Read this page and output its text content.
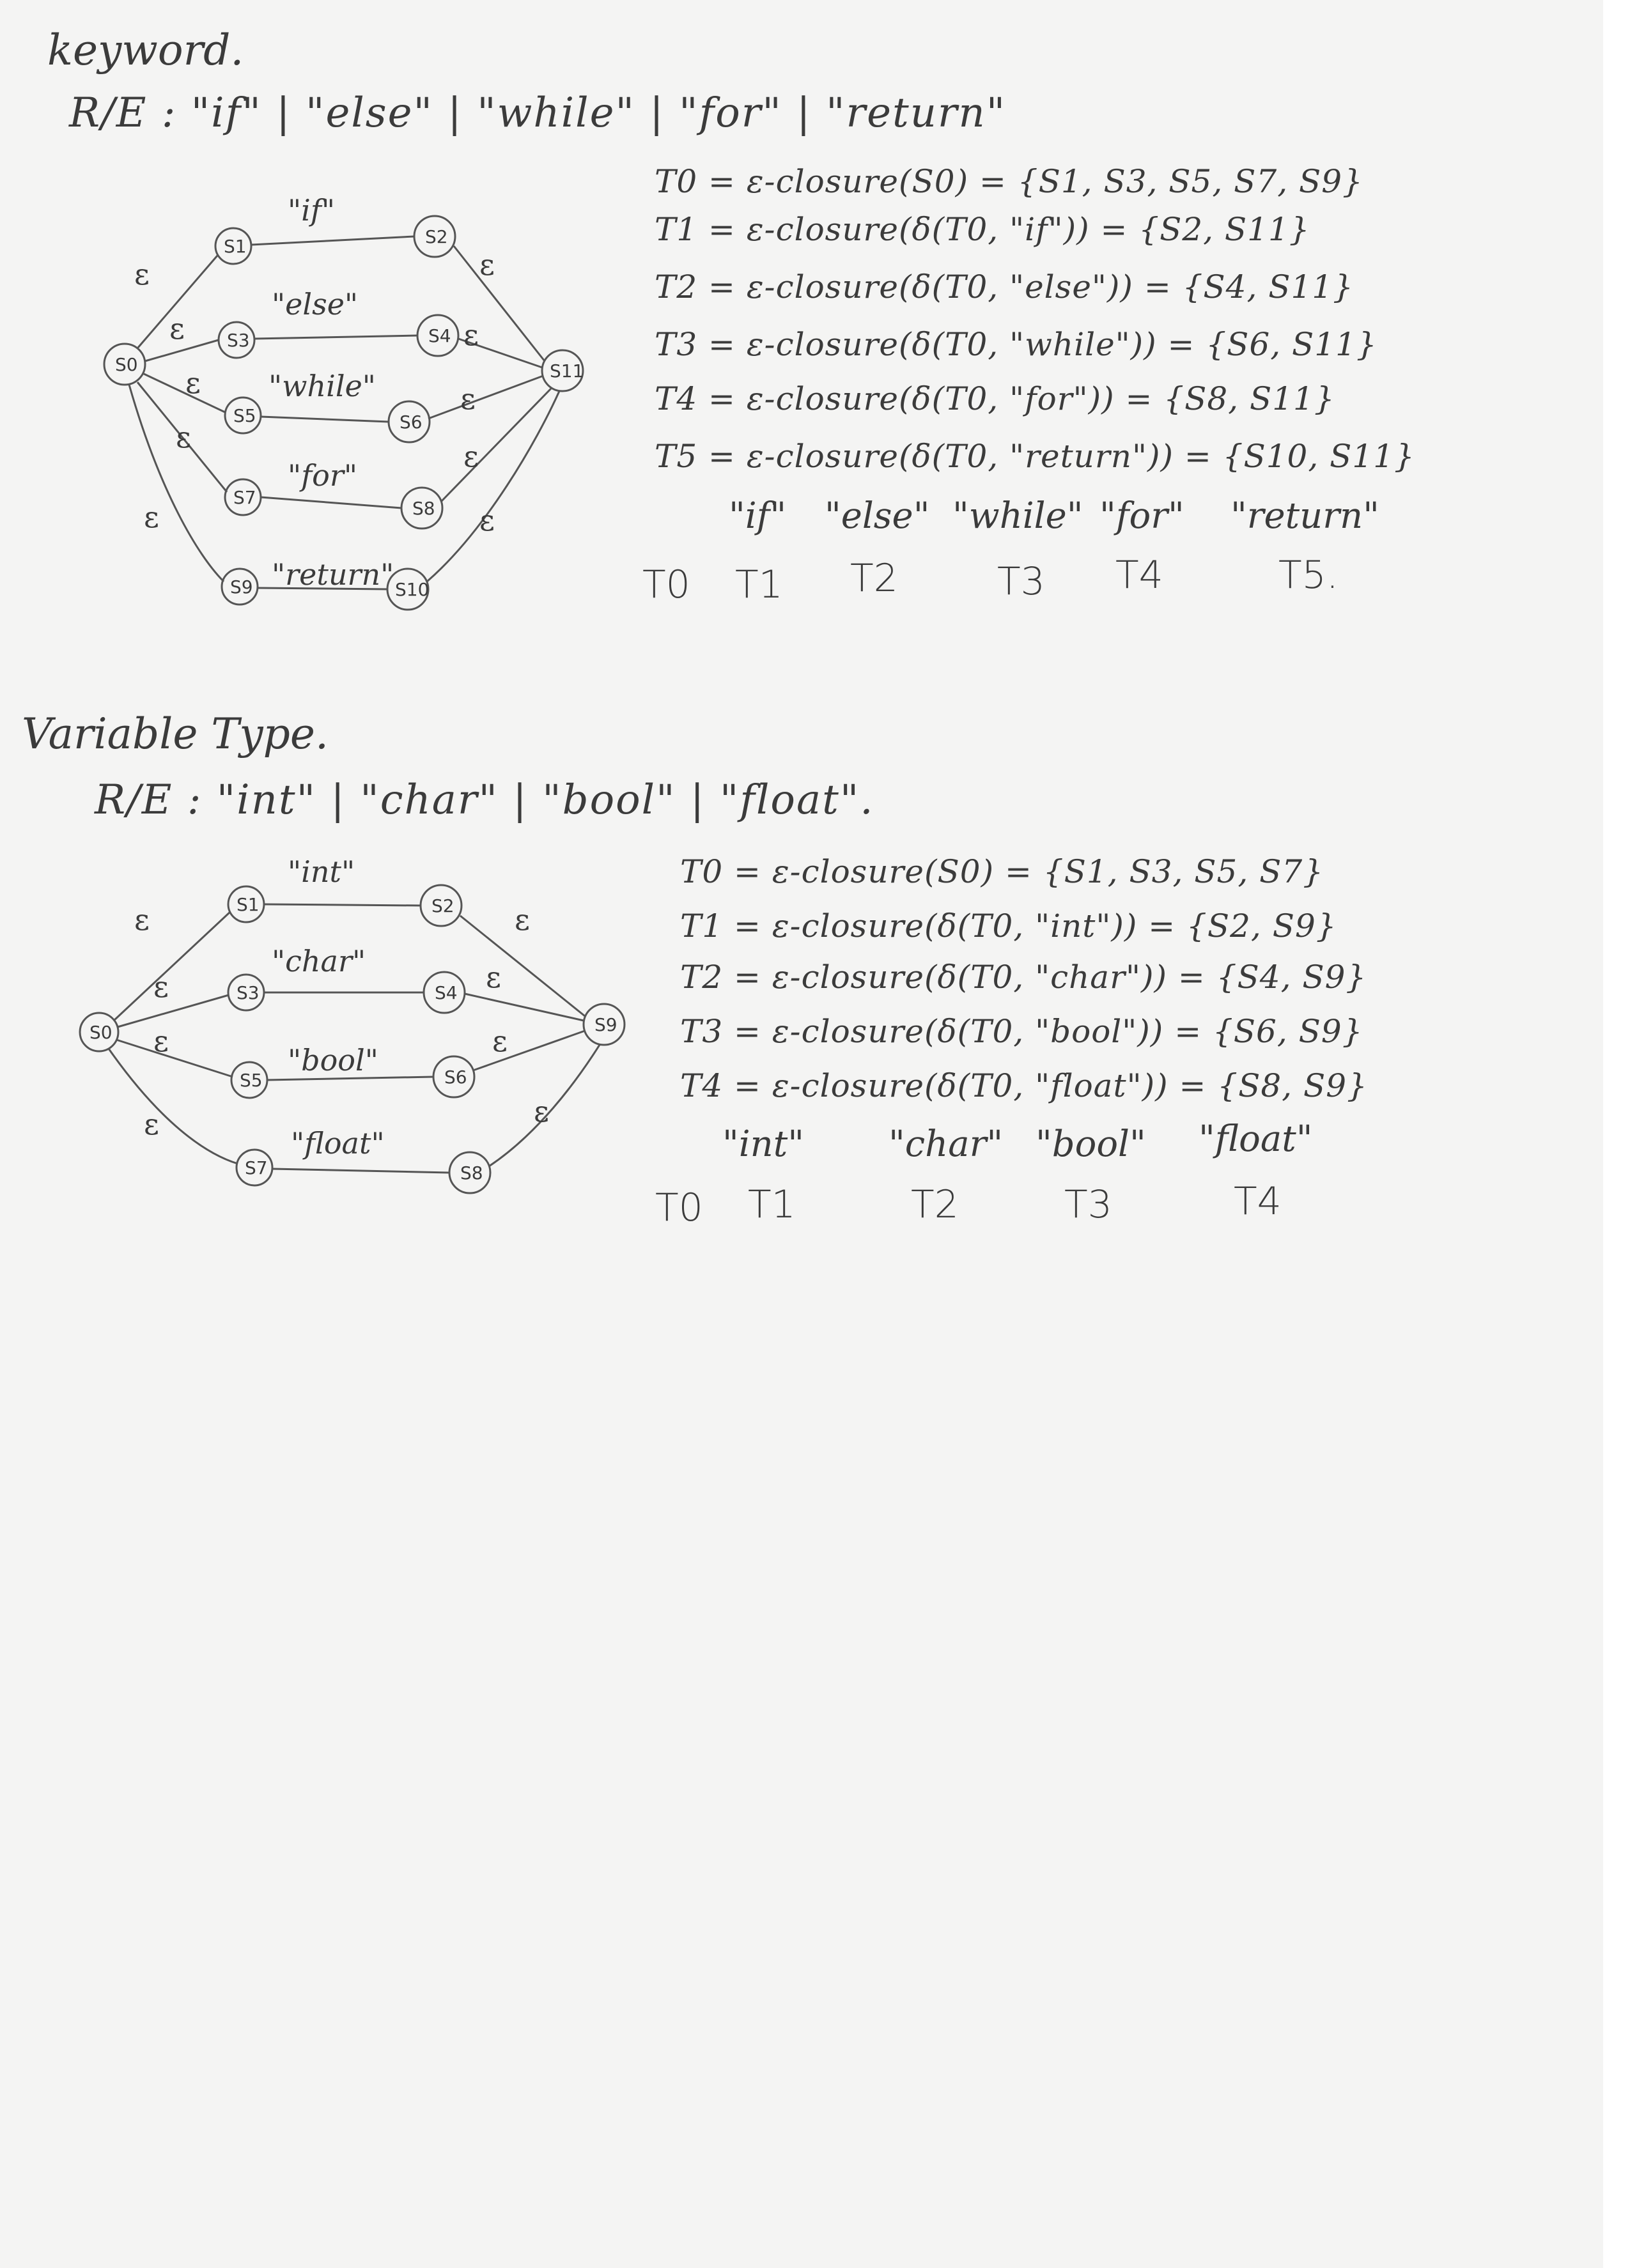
keyword.
R/E : "if" | "else" | "while" | "for" | "return"
S0	S11
S1	S2
S3	S4
S5	S6
S7
S8
S9	S10
"if"
"else"
"while"
"for"
"return"
ε
ε
ε
ε
ε
ε
ε
ε
ε
ε
T0 = ε-closure(S0) = {S1, S3, S5, S7, S9}
T1 = ε-closure(δ(T0, "if")) = {S2, S11}
T2 = ε-closure(δ(T0, "else")) = {S4, S11}
T3 = ε-closure(δ(T0, "while")) = {S6, S11}
T4 = ε-closure(δ(T0, "for")) = {S8, S11}
T5 = ε-closure(δ(T0, "return")) = {S10, S11}
"if" "else" "while" "for" "return"
T0 T1 T2	T3 T4	T5.
Variable Type.
R/E : "int" | "char" | "bool" | "float".
S0	S9
S1	S2
S3	S4
S5	S6
S7	S8
"int"
"char"
"bool"
"float"
ε
ε
ε
ε
ε
ε
ε
ε
T0 = ε-closure(S0) = {S1, S3, S5, S7}
T1 = ε-closure(δ(T0, "int")) = {S2, S9}
T2 = ε-closure(δ(T0, "char")) = {S4, S9}
T3 = ε-closure(δ(T0, "bool")) = {S6, S9}
T4 = ε-closure(δ(T0, "float")) = {S8, S9}
"int" "char" "bool" "float"
T0 T1	T2	T3	T4
